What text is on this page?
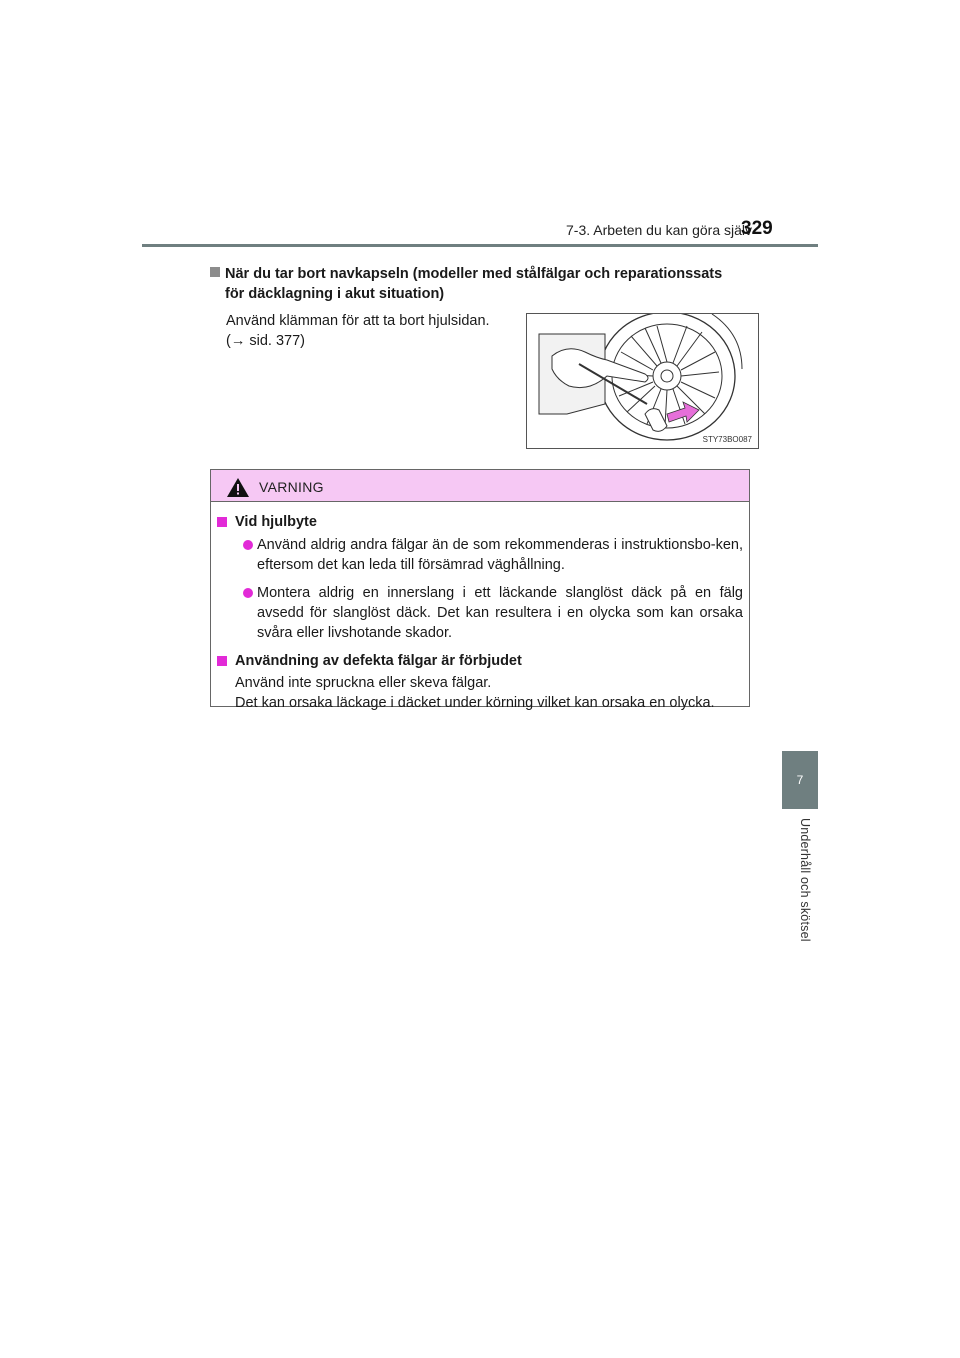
7-3. Arbeten du kan göra själv
329
När du tar bort navkapseln (modeller med stålfälgar och reparationssats
för däcklagning i akut situation)
Använd klämman för att ta bort hjulsidan.
(→ sid. 377)
STY73BO087
VARNING
Vid hjulbyte
Använd aldrig andra fälgar än de som rekommenderas i instruktionsbo-ken, eftersom det kan leda till försämrad väghållning.
Montera aldrig en innerslang i ett läckande slanglöst däck på en fälg avsedd för slanglöst däck. Det kan resultera i en olycka som kan orsaka svåra eller livshotande skador.
Användning av defekta fälgar är förbjudet
Använd inte spruckna eller skeva fälgar.
Det kan orsaka läckage i däcket under körning vilket kan orsaka en olycka.
7
Underhåll och skötsel
